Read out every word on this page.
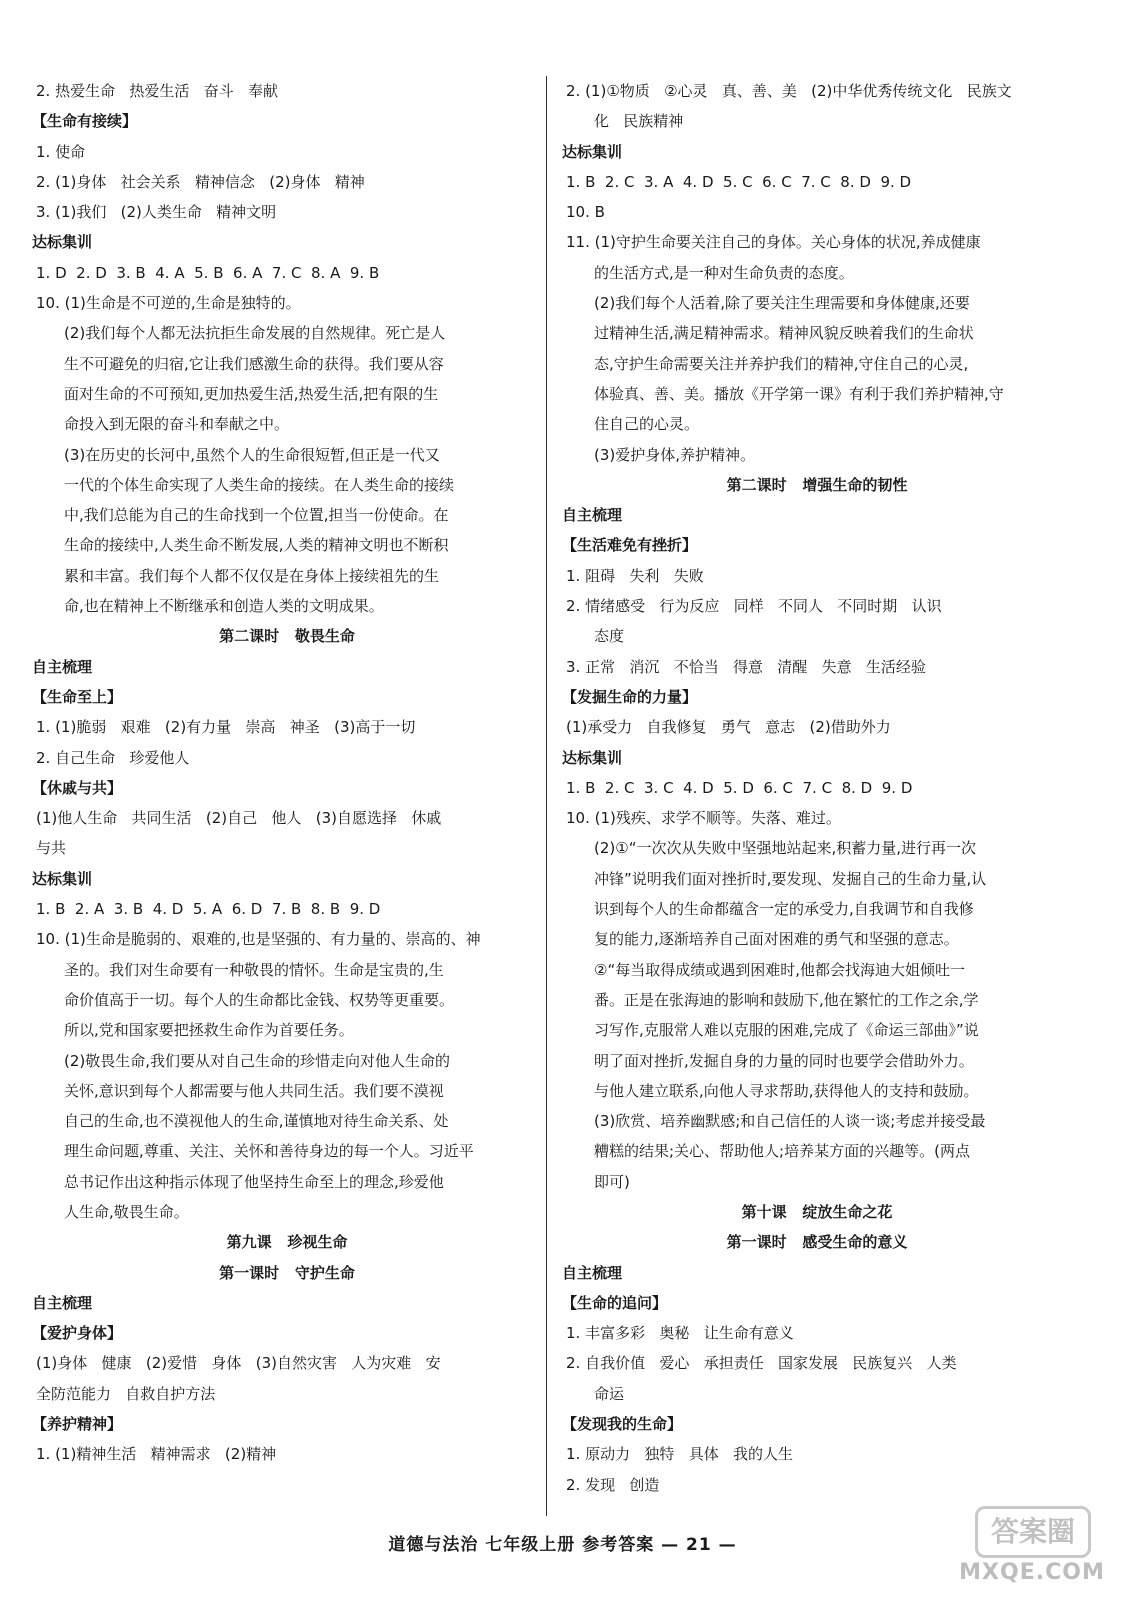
2. 热爱生命   热爱生活   奋斗   奉献
【生命有接续】
1. 使命
2. (1)身体   社会关系   精神信念   (2)身体   精神
3. (1)我们   (2)人类生命   精神文明
达标集训
1. D  2. D  3. B  4. A  5. B  6. A  7. C  8. A  9. B
10. (1)生命是不可逆的,生命是独特的。
(2)我们每个人都无法抗拒生命发展的自然规律。死亡是人
生不可避免的归宿,它让我们感激生命的获得。我们要从容
面对生命的不可预知,更加热爱生活,热爱生活,把有限的生
命投入到无限的奋斗和奉献之中。
(3)在历史的长河中,虽然个人的生命很短暂,但正是一代又
一代的个体生命实现了人类生命的接续。在人类生命的接续
中,我们总能为自己的生命找到一个位置,担当一份使命。在
生命的接续中,人类生命不断发展,人类的精神文明也不断积
累和丰富。我们每个人都不仅仅是在身体上接续祖先的生
命,也在精神上不断继承和创造人类的文明成果。
第二课时   敬畏生命
自主梳理
【生命至上】
1. (1)脆弱   艰难   (2)有力量   崇高   神圣   (3)高于一切
2. 自己生命   珍爱他人
【休戚与共】
(1)他人生命   共同生活   (2)自己   他人   (3)自愿选择   休戚
与共
达标集训
1. B  2. A  3. B  4. D  5. A  6. D  7. B  8. B  9. D
10. (1)生命是脆弱的、艰难的,也是坚强的、有力量的、崇高的、神
圣的。我们对生命要有一种敬畏的情怀。生命是宝贵的,生
命价值高于一切。每个人的生命都比金钱、权势等更重要。
所以,党和国家要把拯救生命作为首要任务。
(2)敬畏生命,我们要从对自己生命的珍惜走向对他人生命的
关怀,意识到每个人都需要与他人共同生活。我们要不漠视
自己的生命,也不漠视他人的生命,谨慎地对待生命关系、处
理生命问题,尊重、关注、关怀和善待身边的每一个人。习近平
总书记作出这种指示体现了他坚持生命至上的理念,珍爱他
人生命,敬畏生命。
第九课   珍视生命
第一课时   守护生命
自主梳理
【爱护身体】
(1)身体   健康   (2)爱惜   身体   (3)自然灾害   人为灾难   安
全防范能力   自救自护方法
【养护精神】
1. (1)精神生活   精神需求   (2)精神
2. (1)①物质   ②心灵   真、善、美   (2)中华优秀传统文化   民族文
化   民族精神
达标集训
1. B  2. C  3. A  4. D  5. C  6. C  7. C  8. D  9. D
10. B
11. (1)守护生命要关注自己的身体。关心身体的状况,养成健康
的生活方式,是一种对生命负责的态度。
(2)我们每个人活着,除了要关注生理需要和身体健康,还要
过精神生活,满足精神需求。精神风貌反映着我们的生命状
态,守护生命需要关注并养护我们的精神,守住自己的心灵,
体验真、善、美。播放《开学第一课》有利于我们养护精神,守
住自己的心灵。
(3)爱护身体,养护精神。
第二课时   增强生命的韧性
自主梳理
【生活难免有挫折】
1. 阻碍   失利   失败
2. 情绪感受   行为反应   同样   不同人   不同时期   认识
态度
3. 正常   消沉   不恰当   得意   清醒   失意   生活经验
【发掘生命的力量】
(1)承受力   自我修复   勇气   意志   (2)借助外力
达标集训
1. B  2. C  3. C  4. D  5. D  6. C  7. C  8. D  9. D
10. (1)残疾、求学不顺等。失落、难过。
(2)①“一次次从失败中坚强地站起来,积蓄力量,进行再一次
冲锋”说明我们面对挫折时,要发现、发掘自己的生命力量,认
识到每个人的生命都蕴含一定的承受力,自我调节和自我修
复的能力,逐渐培养自己面对困难的勇气和坚强的意志。
②“每当取得成绩或遇到困难时,他都会找海迪大姐倾吐一
番。正是在张海迪的影响和鼓励下,他在繁忙的工作之余,学
习写作,克服常人难以克服的困难,完成了《命运三部曲》”说
明了面对挫折,发掘自身的力量的同时也要学会借助外力。
与他人建立联系,向他人寻求帮助,获得他人的支持和鼓励。
(3)欣赏、培养幽默感;和自己信任的人谈一谈;考虑并接受最
糟糕的结果;关心、帮助他人;培养某方面的兴趣等。(两点
即可)
第十课   绽放生命之花
第一课时   感受生命的意义
自主梳理
【生命的追问】
1. 丰富多彩   奥秘   让生命有意义
2. 自我价值   爱心   承担责任   国家发展   民族复兴   人类
命运
【发现我的生命】
1. 原动力   独特   具体   我的人生
2. 发现   创造
道德与法治 七年级上册 参考答案 — 21 —	答案圈
MXQE.COM
